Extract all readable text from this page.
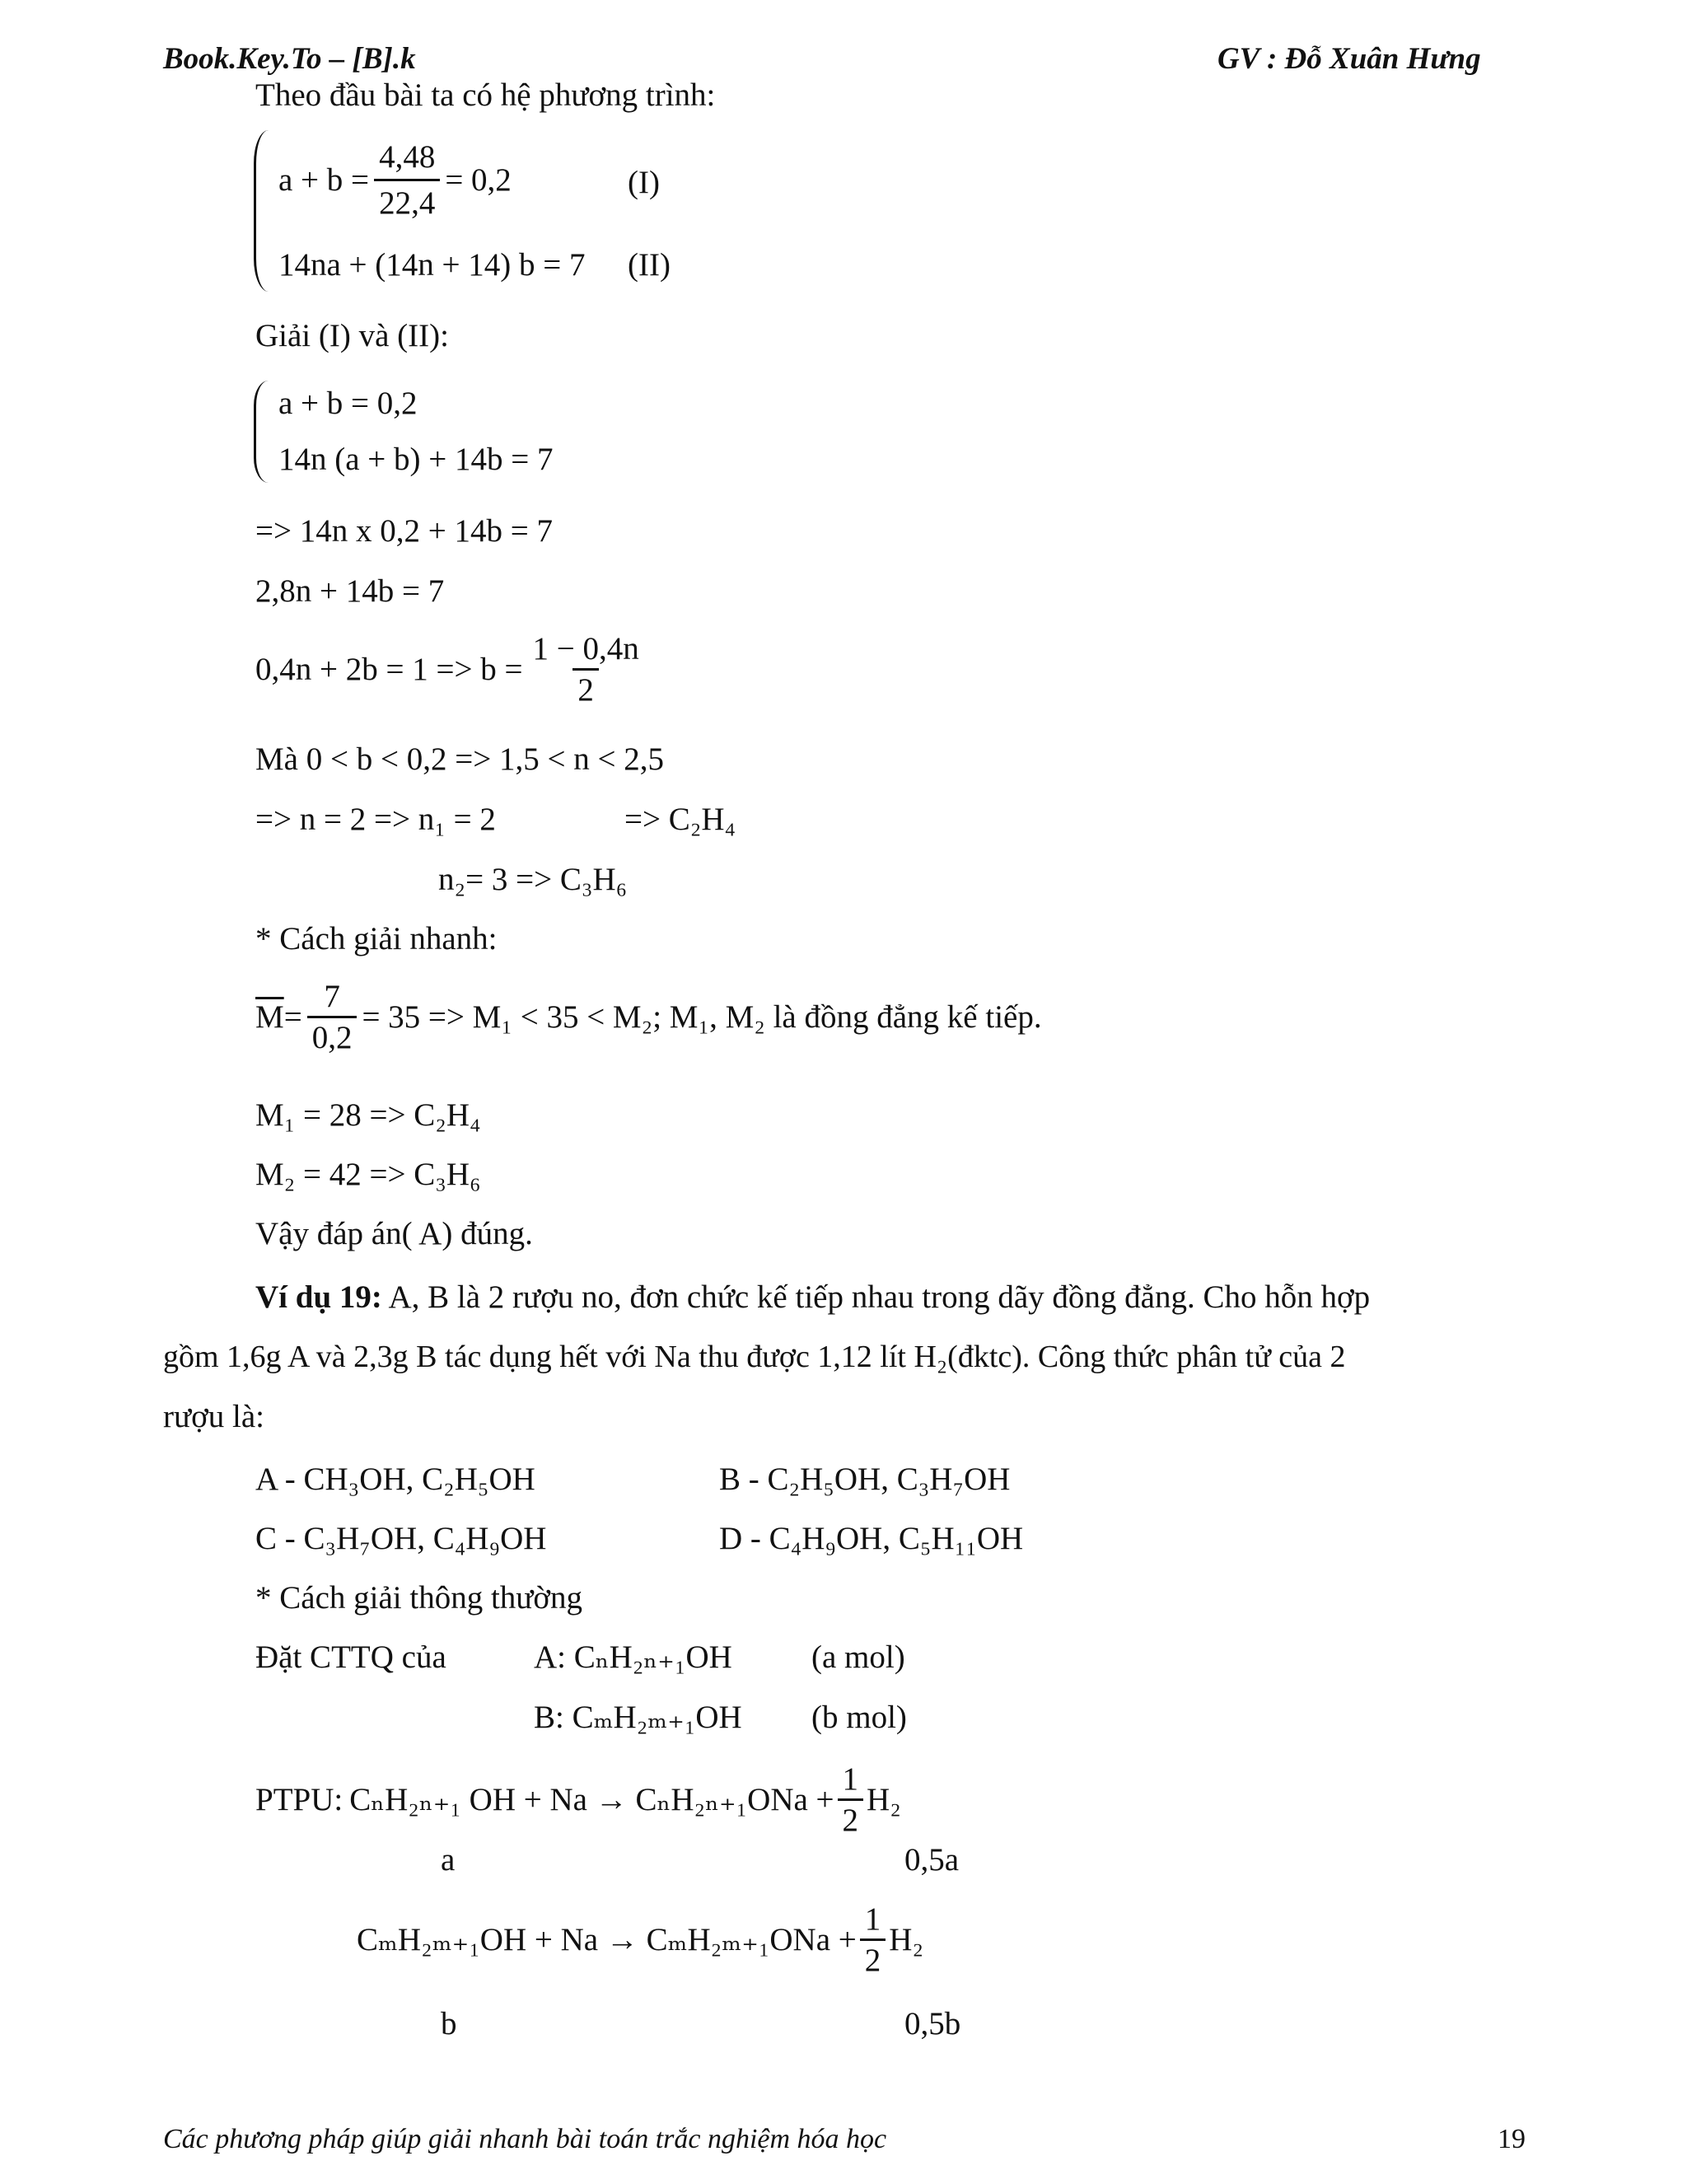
Book.Key.To – [B].k	GV : Đỗ Xuân Hưng
Theo đầu bài ta có hệ phương trình:
$a + b = \frac{4,48}{22,4} = 0,2$	(I)
14na + (14n + 14) b = 7 (II)
Giải (I) và (II):
a + b = 0,2
14n (a + b) + 14b = 7
=> 14n x 0,2 + 14b = 7
2,8n + 14b = 7
$0,4n + 2b = 1 => b = \frac{1 - 0,4n}{2}$
Mà 0 < b < 0,2 => 1,5 < n < 2,5
=> n = 2 => n₁ = 2	=> C₂H₄
n₂= 3 => C₃H₆
* Cách giải nhanh:
$\overline{M} = \frac{7}{0,2} = 35 => M_1 < 35 < M_2$; M₁, M₂ là đồng đẳng kế tiếp.
M₁ = 28 => C₂H₄
M₂ = 42 => C₃H₆
Vậy đáp án( A) đúng.
Ví dụ 19: A, B là 2 rượu no, đơn chức kế tiếp nhau trong dãy đồng đẳng. Cho hỗn hợp
gồm 1,6g A và 2,3g B tác dụng hết với Na thu được 1,12 lít H₂(đktc). Công thức phân tử của 2
rượu là:
A - CH₃OH, C₂H₅OH	B - C₂H₅OH, C₃H₇OH
C - C₃H₇OH, C₄H₉OH	D - C₄H₉OH, C₅H₁₁OH
* Cách giải thông thường
Đặt CTTQ của	A: CₙH₂ₙ₊₁OH (a mol)
B: CₘH₂ₘ₊₁OH (b mol)
PTPU: CₙH₂ₙ₊₁ OH + $Na \to C_nH_{2n+1}ONa + \frac{1}{2} H_2$
a	0,5a
$C_mH_{2m+1}OH + Na \to C_mH_{2m+1}ONa + \frac{1}{2} H_2$
b	0,5b
Các phương pháp giúp giải nhanh bài toán trắc nghiệm hóa học	19
